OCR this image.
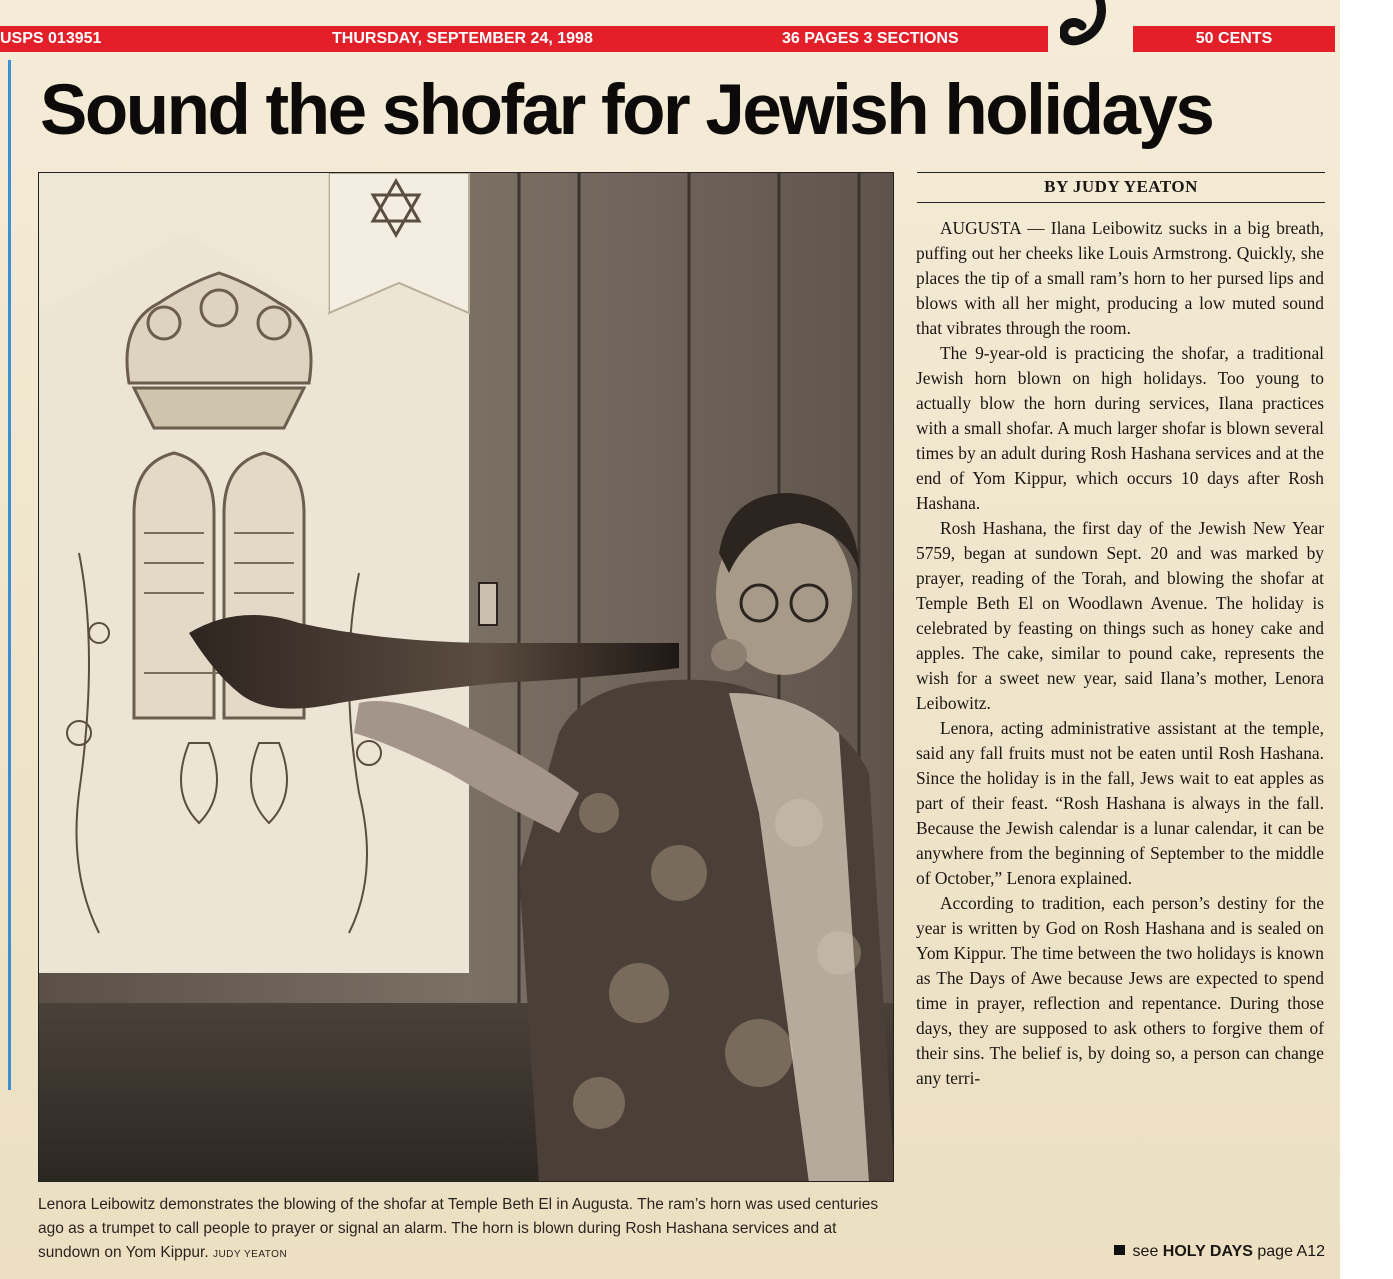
USPS 013951	THURSDAY, SEPTEMBER 24, 1998	36 PAGES 3 SECTIONS	50 CENTS
Sound the shofar for Jewish holidays

Lenora Leibowitz demonstrates the blowing of the shofar at Temple Beth El in Augusta. The ram’s horn was used centuries ago as a trumpet to call people to prayer or signal an alarm. The horn is blown during Rosh Hashana services and at sundown on Yom Kippur. JUDY YEATON

BY JUDY YEATON

AUGUSTA — Ilana Leibowitz sucks in a big breath, puffing out her cheeks like Louis Armstrong. Quickly, she places the tip of a small ram’s horn to her pursed lips and blows with all her might, producing a low muted sound that vibrates through the room.

The 9-year-old is practicing the shofar, a traditional Jewish horn blown on high holidays. Too young to actually blow the horn during services, Ilana practices with a small shofar. A much larger shofar is blown several times by an adult during Rosh Hashana services and at the end of Yom Kippur, which occurs 10 days after Rosh Hashana.

Rosh Hashana, the first day of the Jewish New Year 5759, began at sundown Sept. 20 and was marked by prayer, reading of the Torah, and blowing the shofar at Temple Beth El on Woodlawn Avenue. The holiday is celebrated by feasting on things such as honey cake and apples. The cake, similar to pound cake, represents the wish for a sweet new year, said Ilana’s mother, Lenora Leibowitz.

Lenora, acting administrative assistant at the temple, said any fall fruits must not be eaten until Rosh Hashana. Since the holiday is in the fall, Jews wait to eat apples as part of their feast. “Rosh Hashana is always in the fall. Because the Jewish calendar is a lunar calendar, it can be anywhere from the beginning of September to the middle of October,” Lenora explained.

According to tradition, each person’s destiny for the year is written by God on Rosh Hashana and is sealed on Yom Kippur. The time between the two holidays is known as The Days of Awe because Jews are expected to spend time in prayer, reflection and repentance. During those days, they are supposed to ask others to forgive them of their sins. The belief is, by doing so, a person can change any terri-

see HOLY DAYS page A12
